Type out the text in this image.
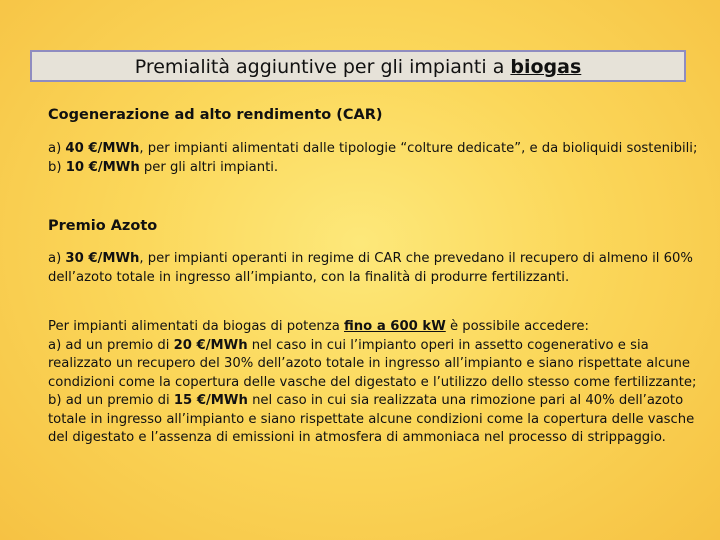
Premialità aggiuntive per gli impianti a biogas
Cogenerazione ad alto rendimento (CAR)
a) 40 €/MWh, per impianti alimentati dalle tipologie “colture dedicate”, e da bioliquidi sostenibili;
b) 10 €/MWh per gli altri impianti.
Premio Azoto
a) 30 €/MWh, per impianti operanti in regime di CAR che prevedano il recupero di almeno il 60% dell’azoto totale in ingresso all’impianto, con la finalità di produrre fertilizzanti.
Per impianti alimentati da biogas di potenza fino a 600 kW è possibile accedere:
a) ad un premio di 20 €/MWh nel caso in cui l’impianto operi in assetto cogenerativo e sia realizzato un recupero del 30% dell’azoto totale in ingresso all’impianto e siano rispettate alcune condizioni come la copertura delle vasche del digestato e l’utilizzo dello stesso come fertilizzante;
b) ad un premio di 15 €/MWh nel caso in cui sia realizzata una rimozione pari al 40% dell’azoto totale in ingresso all’impianto e siano rispettate alcune condizioni come la copertura delle vasche del digestato e l’assenza di emissioni in atmosfera di ammoniaca nel processo di strippaggio.
